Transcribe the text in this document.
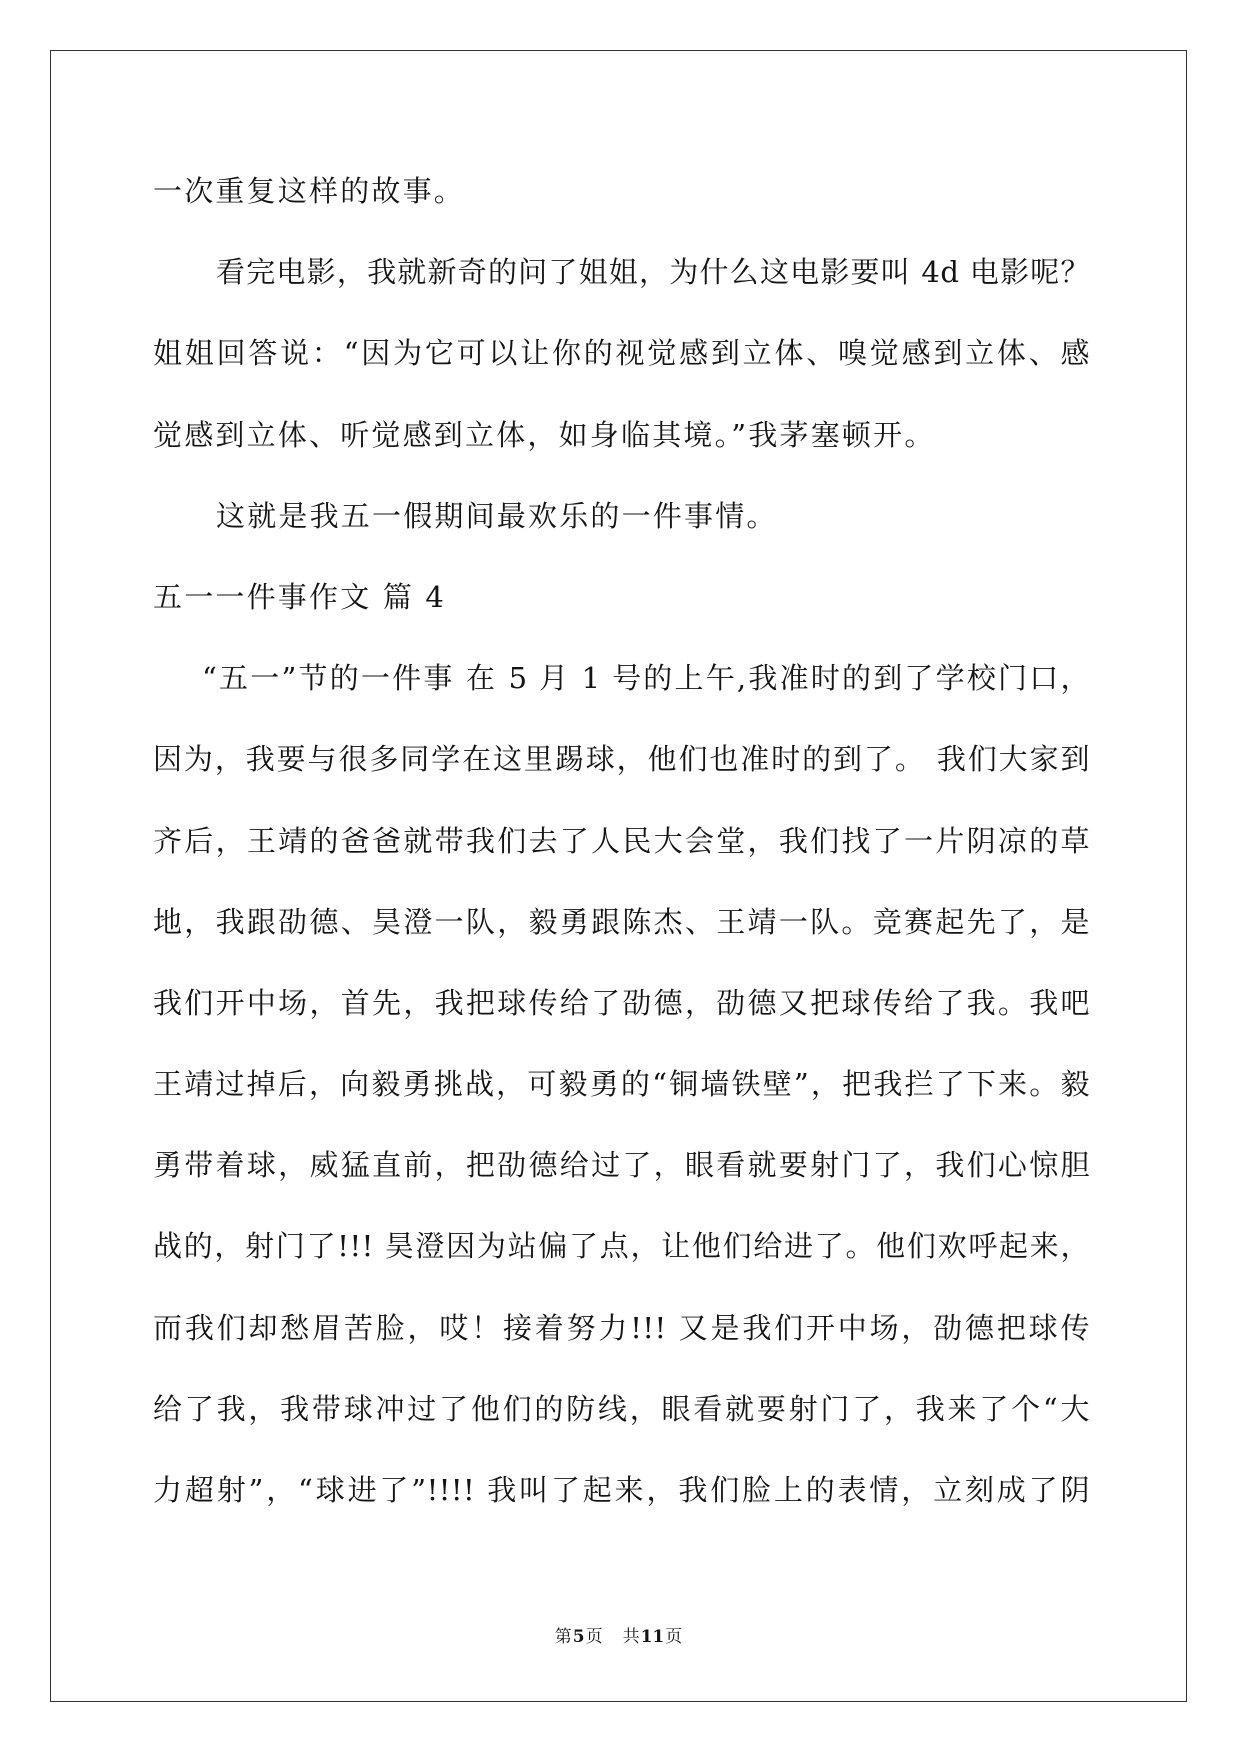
一次重复这样的故事。
看完电影，我就新奇的问了姐姐，为什么这电影要叫 4d 电影呢？
姐姐回答说：“因为它可以让你的视觉感到立体、嗅觉感到立体、感
觉感到立体、听觉感到立体，如身临其境。”我茅塞顿开。
这就是我五一假期间最欢乐的一件事情。
五一一件事作文 篇 4
“五一”节的一件事 在 5 月 1 号的上午,我准时的到了学校门口，
因为，我要与很多同学在这里踢球，他们也准时的到了。 我们大家到
齐后，王靖的爸爸就带我们去了人民大会堂，我们找了一片阴凉的草
地，我跟劭德、昊澄一队，毅勇跟陈杰、王靖一队。竞赛起先了，是
我们开中场，首先，我把球传给了劭德，劭德又把球传给了我。我吧
王靖过掉后，向毅勇挑战，可毅勇的“铜墙铁壁”，把我拦了下来。毅
勇带着球，威猛直前，把劭德给过了，眼看就要射门了，我们心惊胆
战的，射门了!!! 昊澄因为站偏了点，让他们给进了。他们欢呼起来，
而我们却愁眉苦脸，哎！接着努力!!! 又是我们开中场，劭德把球传
给了我，我带球冲过了他们的防线，眼看就要射门了，我来了个“大
力超射”，“球进了”!!!! 我叫了起来，我们脸上的表情，立刻成了阴
第5页 共11页
